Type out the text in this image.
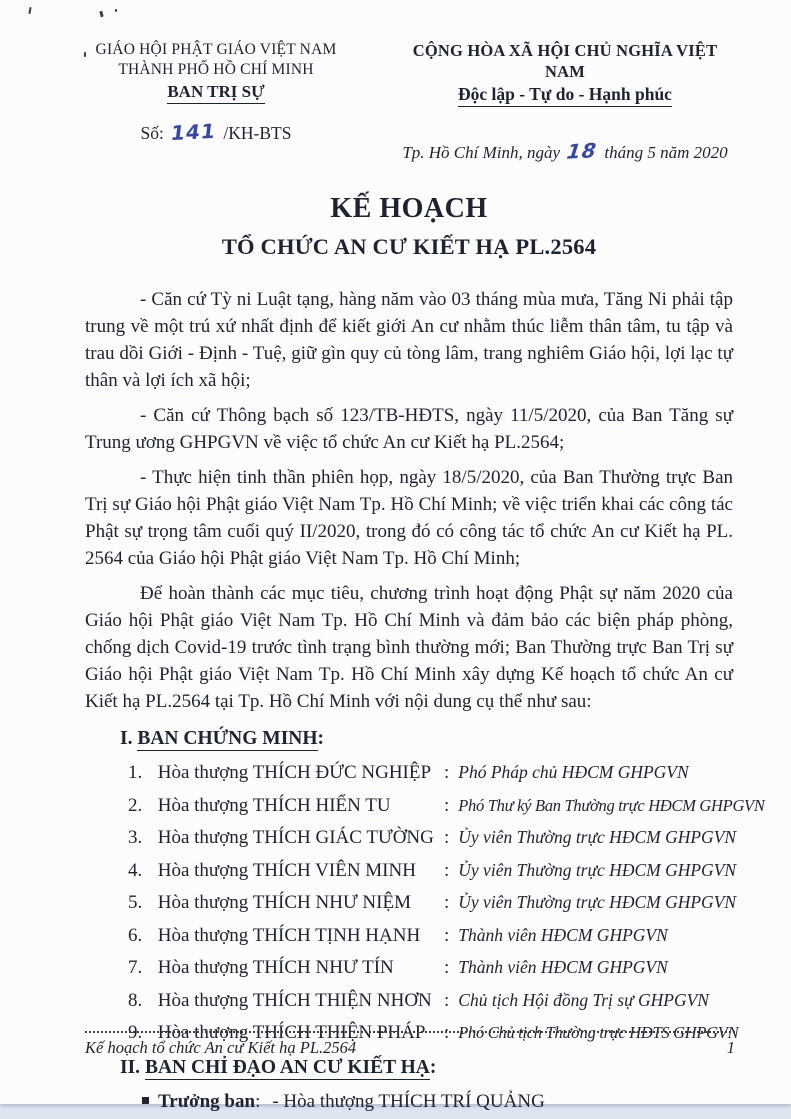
GIÁO HỘI PHẬT GIÁO VIỆT NAM
THÀNH PHỐ HỒ CHÍ MINH
BAN TRỊ SỰ
Số: 141 /KH-BTS
CỘNG HÒA XÃ HỘI CHỦ NGHĨA VIỆT NAM
Độc lập - Tự do - Hạnh phúc
Tp. Hồ Chí Minh, ngày 18 tháng 5 năm 2020
KẾ HOẠCH
TỔ CHỨC AN CƯ KIẾT HẠ PL.2564

- Căn cứ Tỳ ni Luật tạng, hàng năm vào 03 tháng mùa mưa, Tăng Ni phải tập trung về một trú xứ nhất định để kiết giới An cư nhằm thúc liễm thân tâm, tu tập và trau dồi Giới - Định - Tuệ, giữ gìn quy củ tòng lâm, trang nghiêm Giáo hội, lợi lạc tự thân và lợi ích xã hội;

- Căn cứ Thông bạch số 123/TB-HĐTS, ngày 11/5/2020, của Ban Tăng sự Trung ương GHPGVN về việc tổ chức An cư Kiết hạ PL.2564;

- Thực hiện tinh thần phiên họp, ngày 18/5/2020, của Ban Thường trực Ban Trị sự Giáo hội Phật giáo Việt Nam Tp. Hồ Chí Minh; về việc triển khai các công tác Phật sự trọng tâm cuối quý II/2020, trong đó có công tác tổ chức An cư Kiết hạ PL. 2564 của Giáo hội Phật giáo Việt Nam Tp. Hồ Chí Minh;

Để hoàn thành các mục tiêu, chương trình hoạt động Phật sự năm 2020 của Giáo hội Phật giáo Việt Nam Tp. Hồ Chí Minh và đảm bảo các biện pháp phòng, chống dịch Covid-19 trước tình trạng bình thường mới; Ban Thường trực Ban Trị sự Giáo hội Phật giáo Việt Nam Tp. Hồ Chí Minh xây dựng Kế hoạch tổ chức An cư Kiết hạ PL.2564 tại Tp. Hồ Chí Minh với nội dung cụ thể như sau:

I. BAN CHỨNG MINH:
1. Hòa thượng THÍCH ĐỨC NGHIỆP : Phó Pháp chủ HĐCM GHPGVN
2. Hòa thượng THÍCH HIỂN TU	: Phó Thư ký Ban Thường trực HĐCM GHPGVN
3. Hòa thượng THÍCH GIÁC TƯỜNG : Ủy viên Thường trực HĐCM GHPGVN
4. Hòa thượng THÍCH VIÊN MINH	: Ủy viên Thường trực HĐCM GHPGVN
5. Hòa thượng THÍCH NHƯ NIỆM	: Ủy viên Thường trực HĐCM GHPGVN
6. Hòa thượng THÍCH TỊNH HẠNH	: Thành viên HĐCM GHPGVN
7. Hòa thượng THÍCH NHƯ TÍN	: Thành viên HĐCM GHPGVN
8. Hòa thượng THÍCH THIỆN NHƠN : Chủ tịch Hội đồng Trị sự GHPGVN
9. Hòa thượng THÍCH THIỆN PHÁP : Phó Chủ tịch Thường trực HĐTS GHPGVN
II. BAN CHỈ ĐẠO AN CƯ KIẾT HẠ:
Trưởng ban : - Hòa thượng THÍCH TRÍ QUẢNG
Kế hoạch tổ chức An cư Kiết hạ PL.2564	1
